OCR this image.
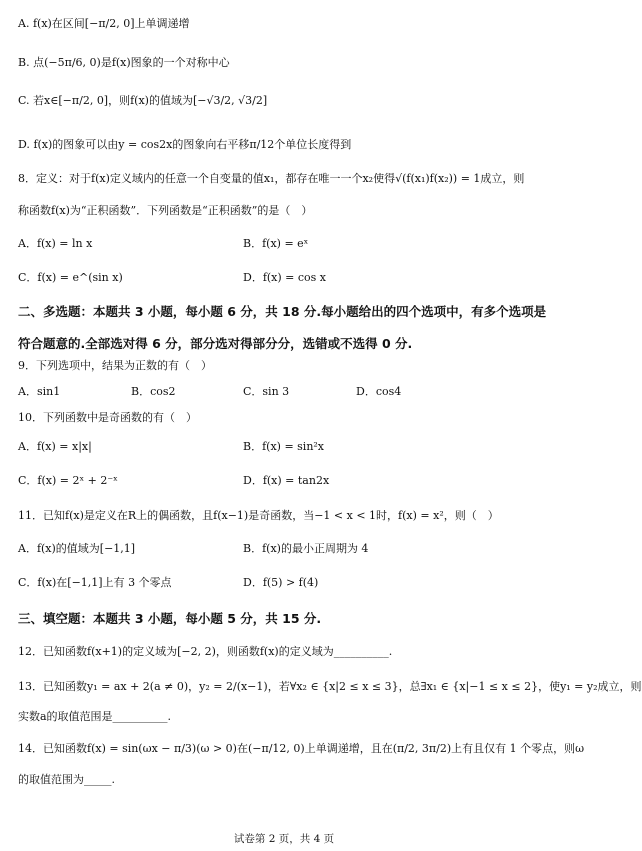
A. f(x)在区间[−π/2, 0]上单调递增
B. 点(−5π/6, 0)是f(x)图象的一个对称中心
C. 若x∈[−π/2, 0]，则f(x)的值域为[−√3/2, √3/2]
D. f(x)的图象可以由y = cos2x的图象向右平移π/12个单位长度得到
8．定义：对于f(x)定义域内的任意一个自变量的值x₁，都存在唯一一个x₂使得√(f(x₁)f(x₂)) = 1成立，则
称函数f(x)为“正积函数”．下列函数是“正积函数”的是（　）
A．f(x) = ln x	B．f(x) = eˣ
C．f(x) = e^(sin x)	D．f(x) = cos x
二、多选题：本题共 3 小题，每小题 6 分，共 18 分.每小题给出的四个选项中，有多个选项是
符合题意的.全部选对得 6 分，部分选对得部分分，选错或不选得 0 分.
9．下列选项中，结果为正数的有（　）
A．sin1	B．cos2	C．sin 3	D．cos4
10．下列函数中是奇函数的有（　）
A．f(x) = x|x|	B．f(x) = sin²x
C．f(x) = 2ˣ + 2⁻ˣ	D．f(x) = tan2x
11．已知f(x)是定义在R上的偶函数，且f(x−1)是奇函数，当−1 < x < 1时，f(x) = x²，则（　）
A．f(x)的值域为[−1,1]	B．f(x)的最小正周期为 4
C．f(x)在[−1,1]上有 3 个零点	D．f(5) > f(4)
三、填空题：本题共 3 小题，每小题 5 分，共 15 分.
12．已知函数f(x+1)的定义域为[−2, 2)，则函数f(x)的定义域为__________.
13．已知函数y₁ = ax + 2(a ≠ 0)，y₂ = 2/(x−1)，若∀x₂ ∈ {x|2 ≤ x ≤ 3}，总∃x₁ ∈ {x|−1 ≤ x ≤ 2}，使y₁ = y₂成立，则
实数a的取值范围是__________.
14．已知函数f(x) = sin(ωx − π/3)(ω > 0)在(−π/12, 0)上单调递增，且在(π/2, 3π/2)上有且仅有 1 个零点，则ω
的取值范围为_____.
试卷第 2 页，共 4 页
